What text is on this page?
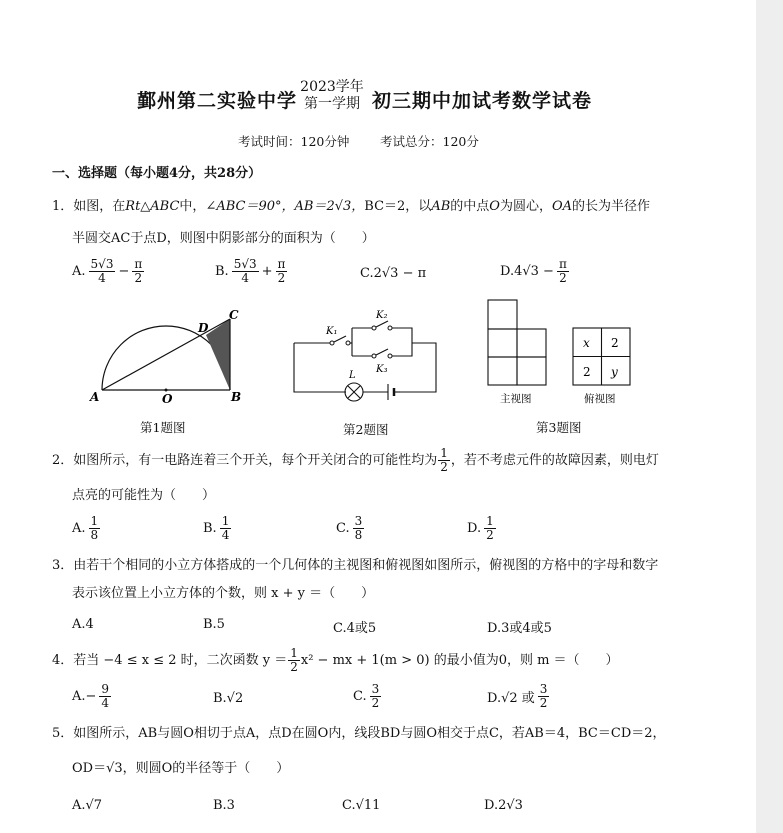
鄞州第二实验中学
2023学年
第一学期 初三期中加试考数学试卷
考试时间：120分钟 考试总分：120分
一、选择题（每小题4分，共28分）
1．如图，在Rt△ABC中，∠ABC＝90°，AB＝2√3，BC＝2，以AB的中点O为圆心，OA的长为半径作
半圆交AC于点D，则图中阴影部分的面积为（　　）
A. $\frac{5√3}{4} - \frac{\pi}{2}$	B. $\frac{5√3}{4} + \frac{\pi}{2}$	C.2√3 − π	$D.4√3 - \frac{\pi}{2}$
A	B
C
D
O
第1题图
K₁
K₂
K₃
L
第2题图
x 2
2 y
主视图	俯视图
第3题图
2．如图所示，有一电路连着三个开关，每个开关闭合的可能性均为 $\frac{1}{2}$ ，若不考虑元件的故障因素，则电灯
点亮的可能性为（　　）
A. $\frac{1}{8}$	B. $\frac{1}{4}$	C. $\frac{3}{8}$	D. $\frac{1}{2}$
3．由若干个相同的小立方体搭成的一个几何体的主视图和俯视图如图所示，俯视图的方格中的字母和数字
表示该位置上小立方体的个数，则 x + y ＝（　　）
A.4	B.5	C.4或5	D.3或4或5
4．若当 −4 ≤ x ≤ 2 时，二次函数 $y = \frac{1}{2} x^2$ − mx + 1(m > 0) 的最小值为0，则 m ＝（　　）
$A.- \frac{9}{4}$	B.√2	C. $\frac{3}{2}$	D.√2 或 $\frac{3}{2}$
5．如图所示，AB与圆O相切于点A，点D在圆O内，线段BD与圆O相交于点C，若AB＝4，BC＝CD＝2，
OD＝√3，则圆O的半径等于（　　）
A.√7	B.3	C.√11	D.2√3
